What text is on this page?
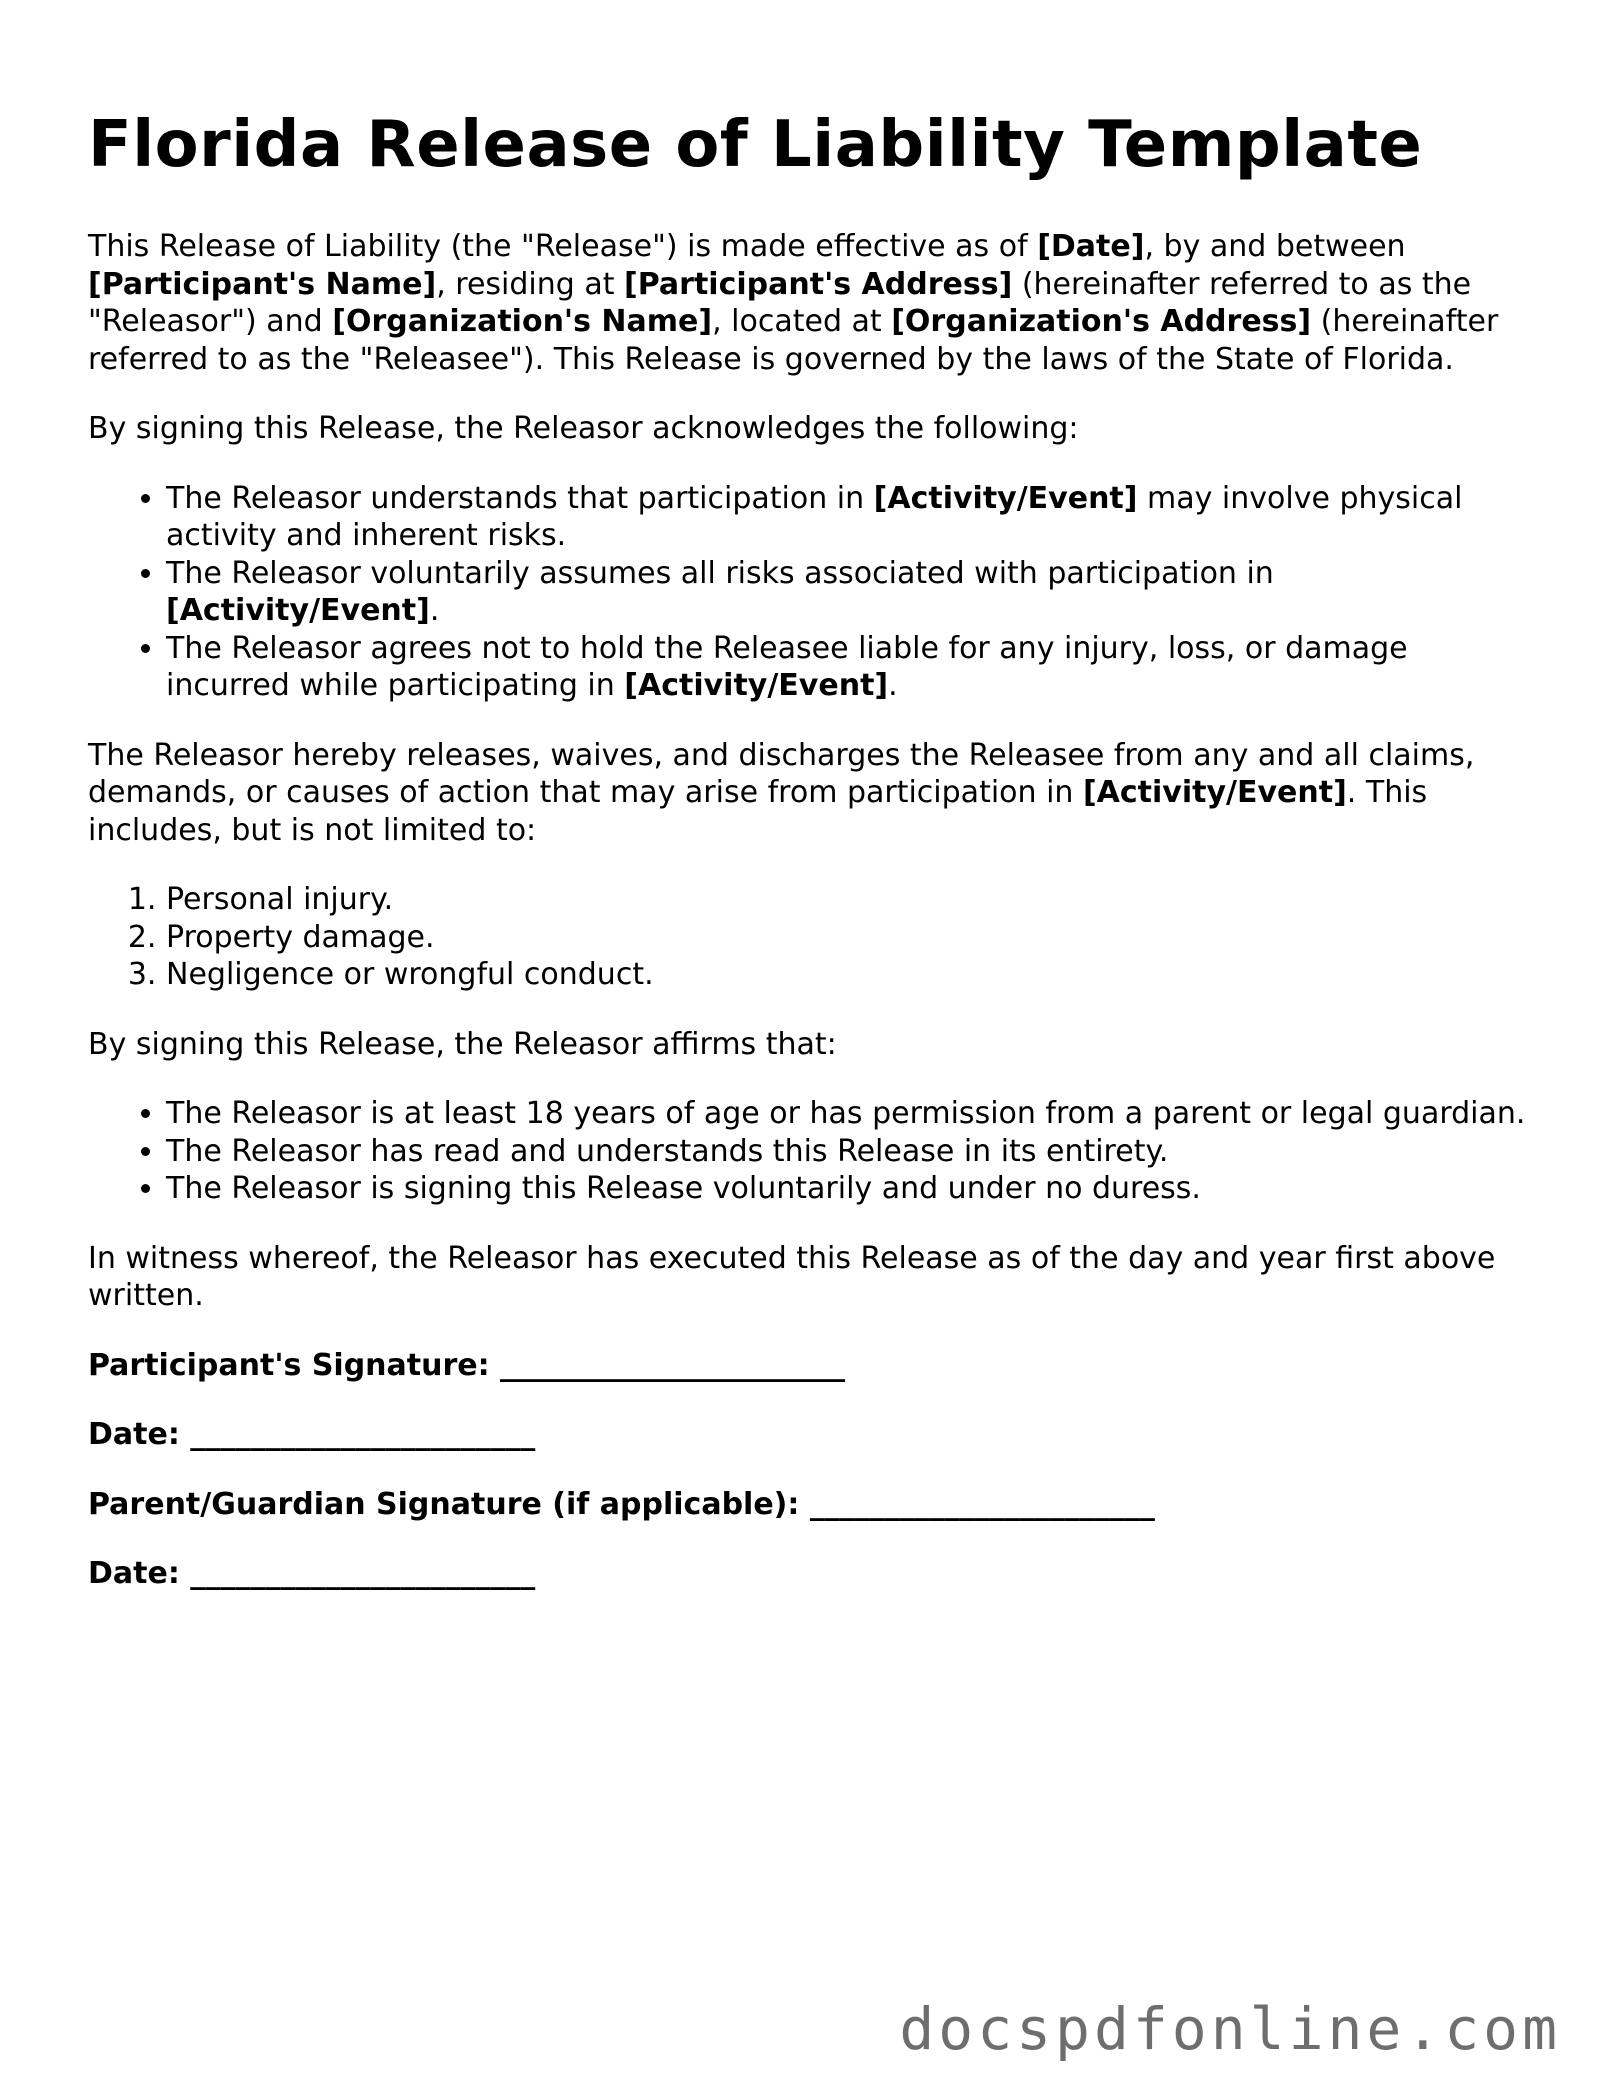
Florida Release of Liability Template

This Release of Liability (the "Release") is made effective as of [Date], by and between [Participant's Name], residing at [Participant's Address] (hereinafter referred to as the "Releasor") and [Organization's Name], located at [Organization's Address] (hereinafter referred to as the "Releasee"). This Release is governed by the laws of the State of Florida.

By signing this Release, the Releasor acknowledges the following:

• The Releasor understands that participation in [Activity/Event] may involve physical activity and inherent risks.
• The Releasor voluntarily assumes all risks associated with participation in [Activity/Event].
• The Releasor agrees not to hold the Releasee liable for any injury, loss, or damage incurred while participating in [Activity/Event].

The Releasor hereby releases, waives, and discharges the Releasee from any and all claims, demands, or causes of action that may arise from participation in [Activity/Event]. This includes, but is not limited to:

1. Personal injury.
2. Property damage.
3. Negligence or wrongful conduct.

By signing this Release, the Releasor affirms that:

• The Releasor is at least 18 years of age or has permission from a parent or legal guardian.
• The Releasor has read and understands this Release in its entirety.
• The Releasor is signing this Release voluntarily and under no duress.

In witness whereof, the Releasor has executed this Release as of the day and year first above written.

Participant's Signature: _______________________
Date: _______________________
Parent/Guardian Signature (if applicable): _______________________
Date: _______________________
docspdfonline.com
